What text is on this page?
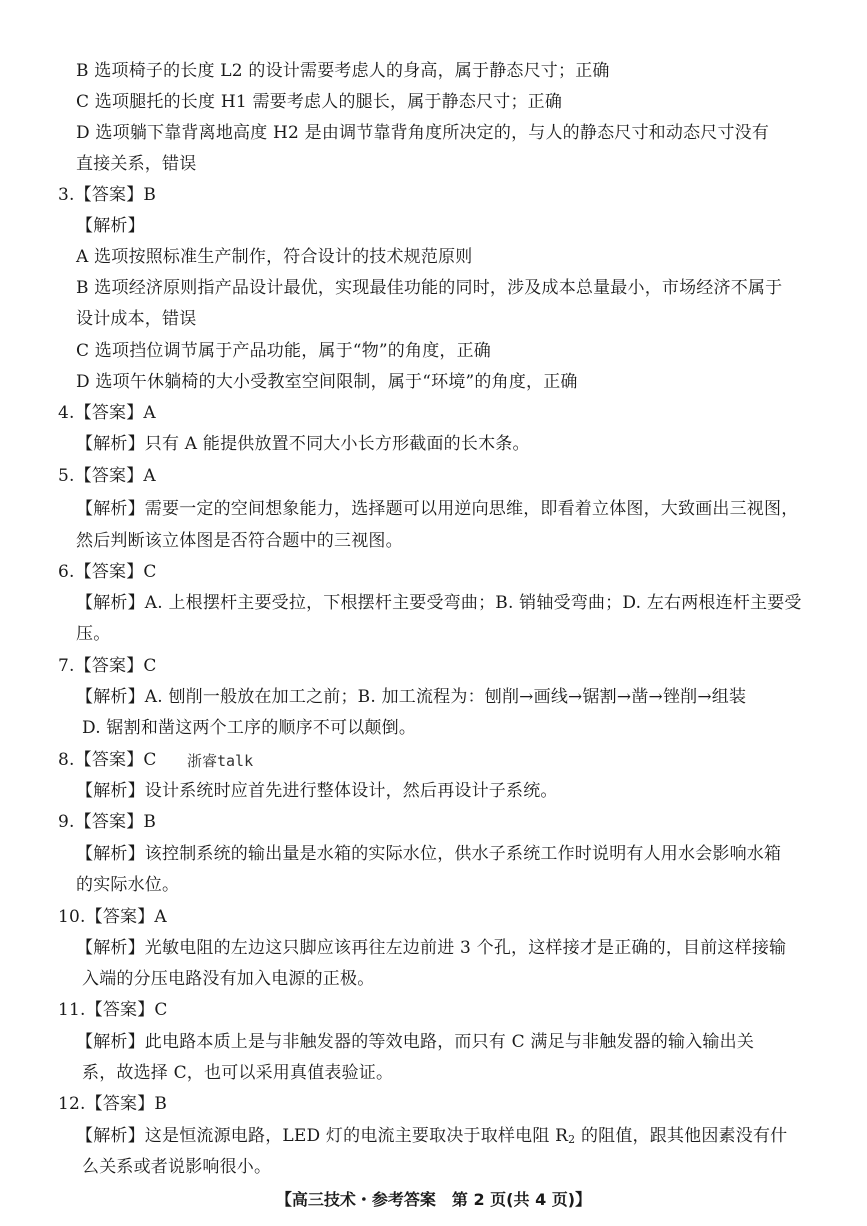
B 选项椅子的长度 L2 的设计需要考虑人的身高，属于静态尺寸；正确
C 选项腿托的长度 H1 需要考虑人的腿长，属于静态尺寸；正确
D 选项躺下靠背离地高度 H2 是由调节靠背角度所决定的，与人的静态尺寸和动态尺寸没有
直接关系，错误
3.【答案】B
【解析】
A 选项按照标准生产制作，符合设计的技术规范原则
B 选项经济原则指产品设计最优，实现最佳功能的同时，涉及成本总量最小，市场经济不属于
设计成本，错误
C 选项挡位调节属于产品功能，属于“物”的角度，正确
D 选项午休躺椅的大小受教室空间限制，属于“环境”的角度，正确
4.【答案】A
【解析】只有 A 能提供放置不同大小长方形截面的长木条。
5.【答案】A
【解析】需要一定的空间想象能力，选择题可以用逆向思维，即看着立体图，大致画出三视图，
然后判断该立体图是否符合题中的三视图。
6.【答案】C
【解析】A. 上根摆杆主要受拉，下根摆杆主要受弯曲；B. 销轴受弯曲；D. 左右两根连杆主要受
压。
7.【答案】C
【解析】A. 刨削一般放在加工之前；B. 加工流程为：刨削→画线→锯割→凿→锉削→组装
D. 锯割和凿这两个工序的顺序不可以颠倒。
8.【答案】C 浙睿talk
【解析】设计系统时应首先进行整体设计，然后再设计子系统。
9.【答案】B
【解析】该控制系统的输出量是水箱的实际水位，供水子系统工作时说明有人用水会影响水箱
的实际水位。
10.【答案】A
【解析】光敏电阻的左边这只脚应该再往左边前进 3 个孔，这样接才是正确的，目前这样接输
入端的分压电路没有加入电源的正极。
11.【答案】C
【解析】此电路本质上是与非触发器的等效电路，而只有 C 满足与非触发器的输入输出关
系，故选择 C，也可以采用真值表验证。
12.【答案】B
【解析】这是恒流源电路，LED 灯的电流主要取决于取样电阻 $R_2$ 的阻值，跟其他因素没有什
么关系或者说影响很小。
【高三技术・参考答案　第 2 页(共 4 页)】
